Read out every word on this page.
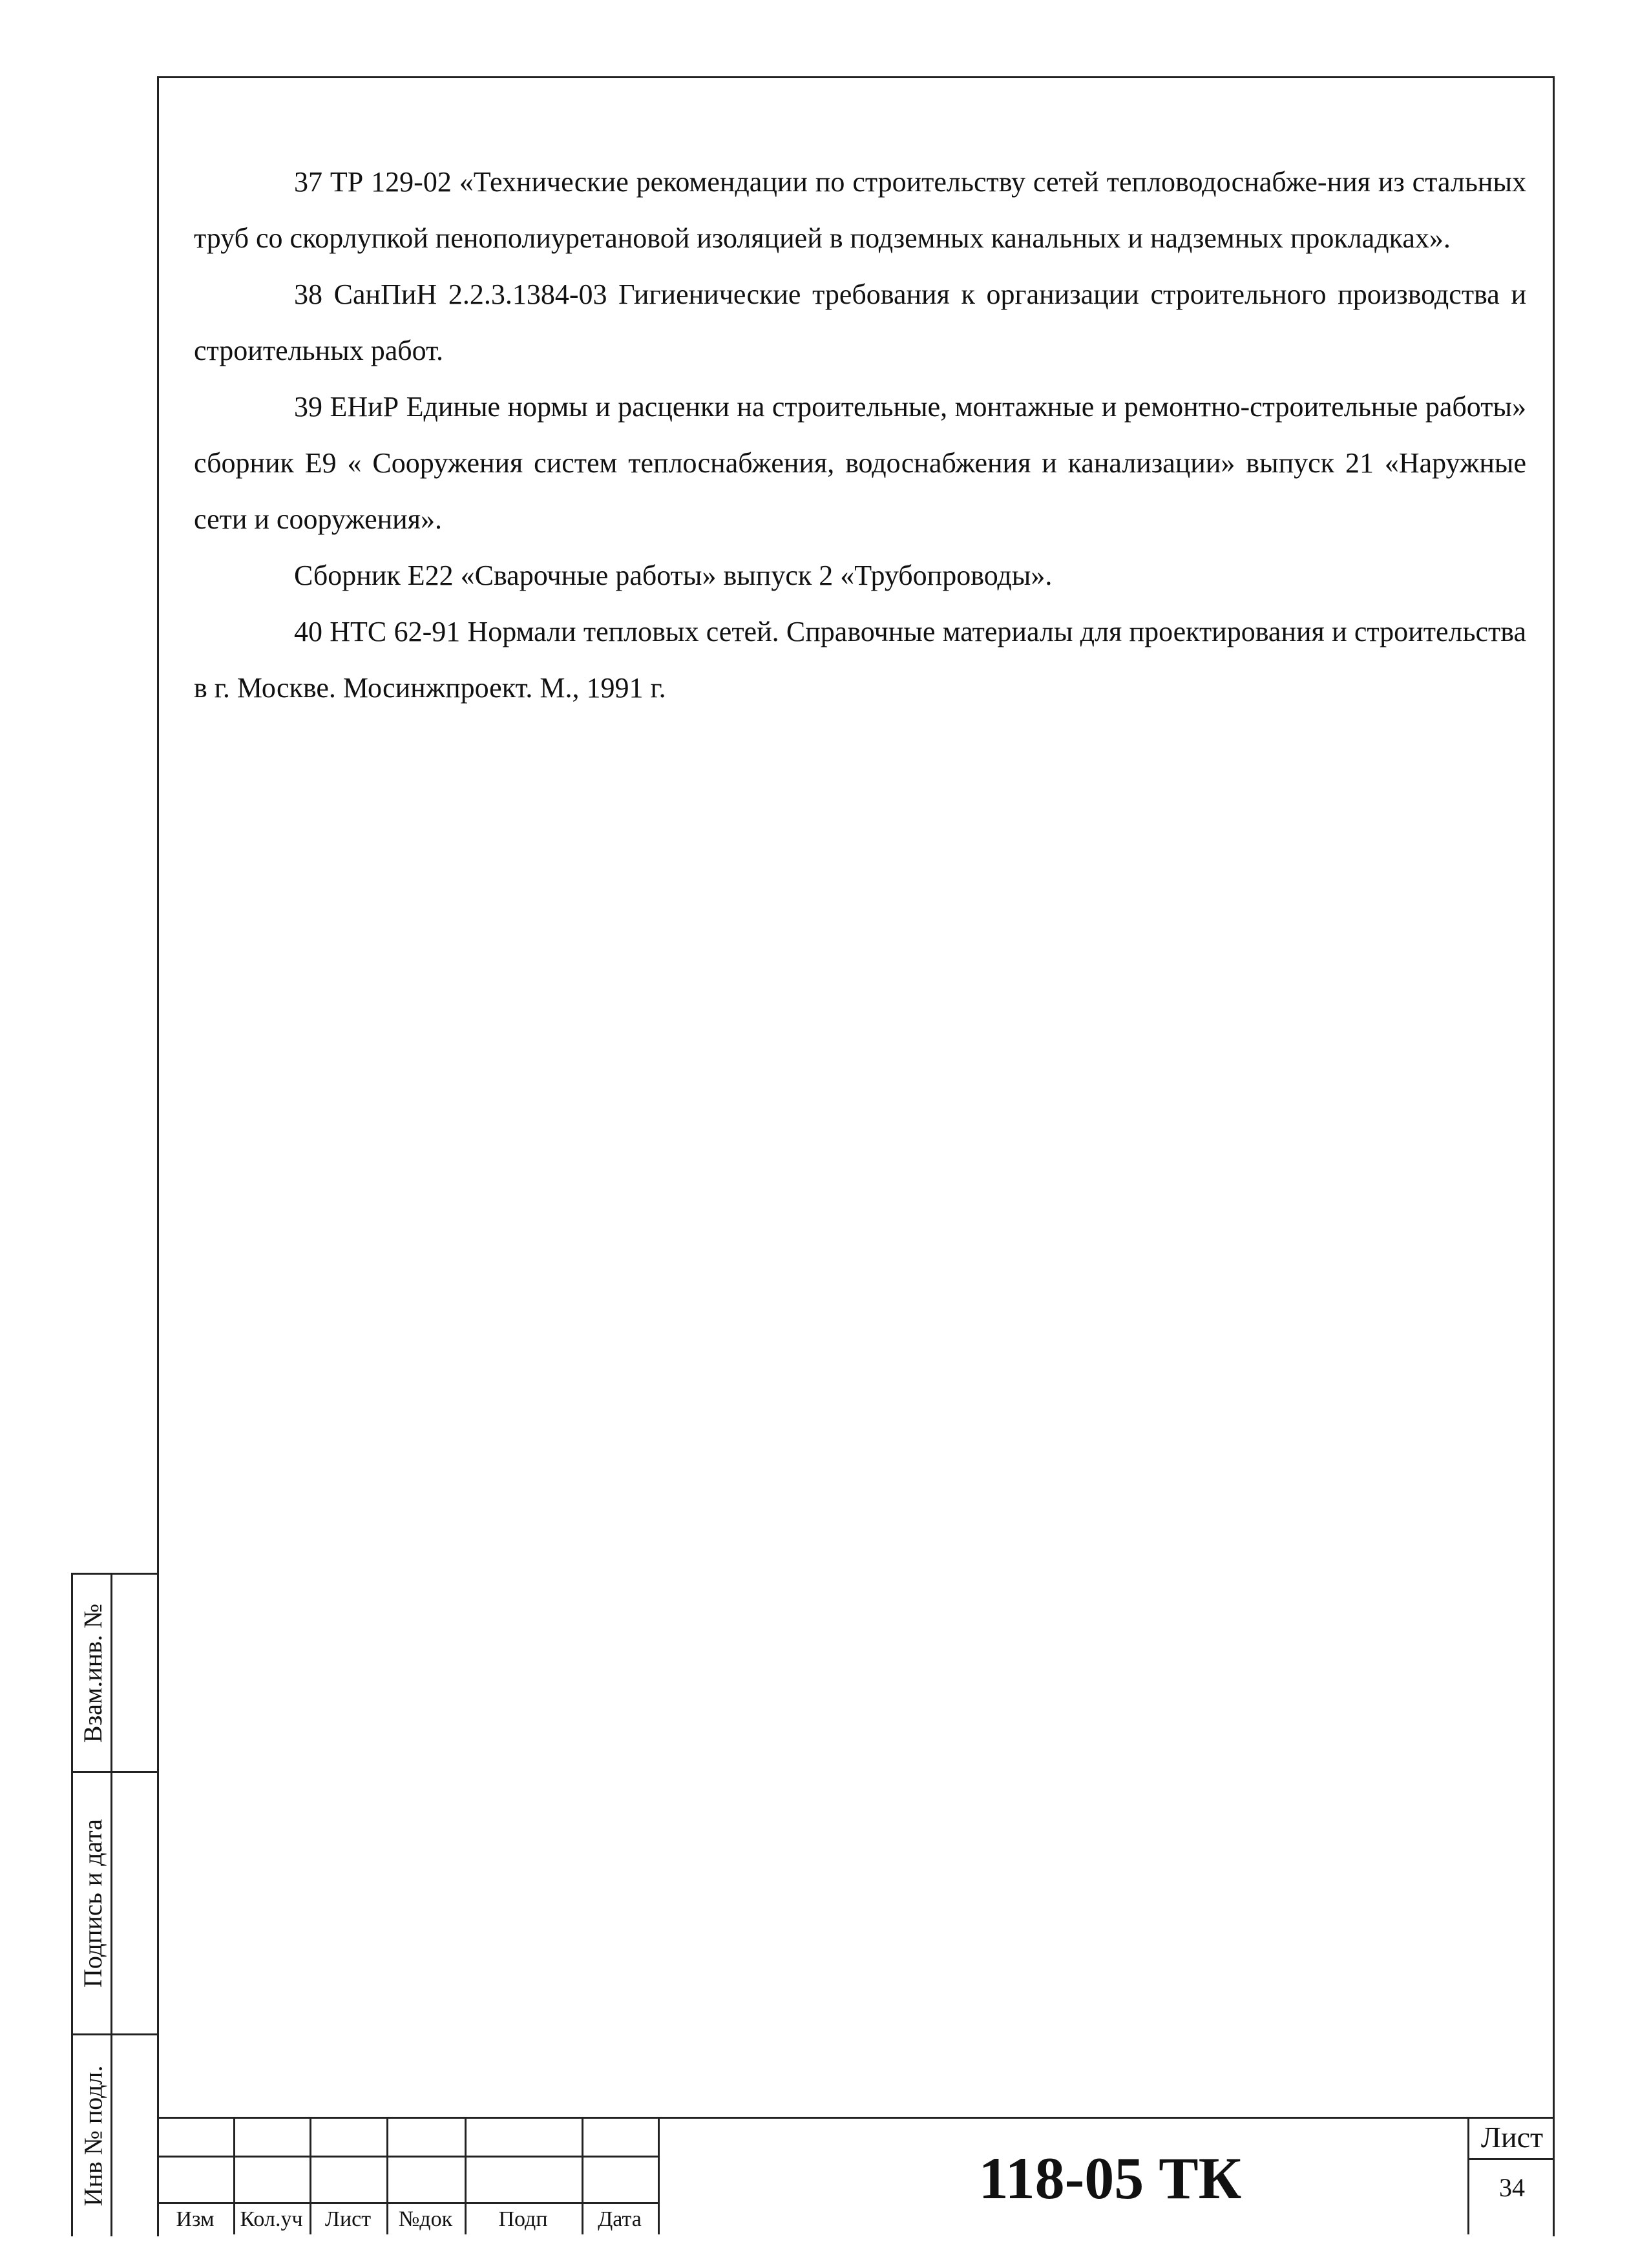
37 ТР 129-02 «Технические рекомендации по строительству сетей тепловодоснабже-ния из стальных труб со скорлупкой пенополиуретановой изоляцией в подземных канальных и надземных прокладках».

38 СанПиН 2.2.3.1384-03 Гигиенические требования к организации строительного производства и строительных работ.

39 ЕНиР Единые нормы и расценки на строительные, монтажные и ремонтно-строительные работы» сборник Е9 « Сооружения систем теплоснабжения, водоснабжения и канализации» выпуск 21 «Наружные сети и сооружения».

Сборник Е22 «Сварочные работы» выпуск 2 «Трубопроводы».

40 НТС 62-91 Нормали тепловых сетей. Справочные материалы для проектирования и строительства в г. Москве. Мосинжпроект. М., 1991 г.

Взам.инв. №
Подпись и дата
Инв № подл.
Изм	Кол.уч	Лист	№док	Подп	Дата
118-05 ТК
Лист
34
